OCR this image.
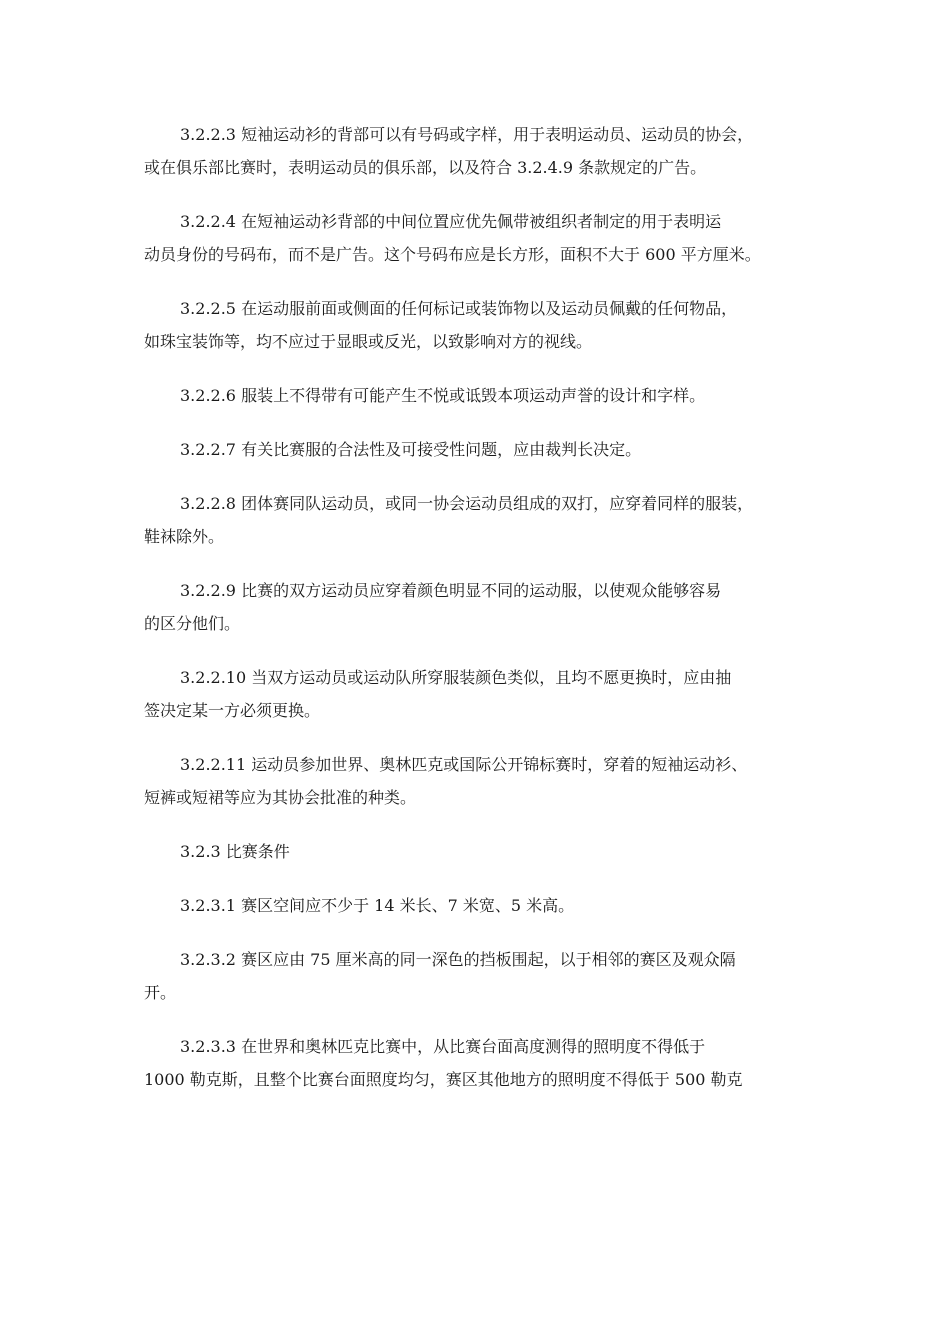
3.2.2.3 短袖运动衫的背部可以有号码或字样，用于表明运动员、运动员的协会，
或在俱乐部比赛时，表明运动员的俱乐部，以及符合 3.2.4.9 条款规定的广告。

3.2.2.4 在短袖运动衫背部的中间位置应优先佩带被组织者制定的用于表明运
动员身份的号码布，而不是广告。这个号码布应是长方形，面积不大于 600 平方厘米。

3.2.2.5 在运动服前面或侧面的任何标记或装饰物以及运动员佩戴的任何物品，
如珠宝装饰等，均不应过于显眼或反光，以致影响对方的视线。

3.2.2.6 服装上不得带有可能产生不悦或诋毁本项运动声誉的设计和字样。

3.2.2.7 有关比赛服的合法性及可接受性问题，应由裁判长决定。

3.2.2.8 团体赛同队运动员，或同一协会运动员组成的双打，应穿着同样的服装，
鞋袜除外。

3.2.2.9 比赛的双方运动员应穿着颜色明显不同的运动服，以使观众能够容易
的区分他们。

3.2.2.10 当双方运动员或运动队所穿服装颜色类似，且均不愿更换时，应由抽
签决定某一方必须更换。

3.2.2.11 运动员参加世界、奥林匹克或国际公开锦标赛时，穿着的短袖运动衫、
短裤或短裙等应为其协会批准的种类。

3.2.3 比赛条件

3.2.3.1 赛区空间应不少于 14 米长、7 米宽、5 米高。

3.2.3.2 赛区应由 75 厘米高的同一深色的挡板围起，以于相邻的赛区及观众隔
开。

3.2.3.3 在世界和奥林匹克比赛中，从比赛台面高度测得的照明度不得低于
1000 勒克斯，且整个比赛台面照度均匀，赛区其他地方的照明度不得低于 500 勒克
